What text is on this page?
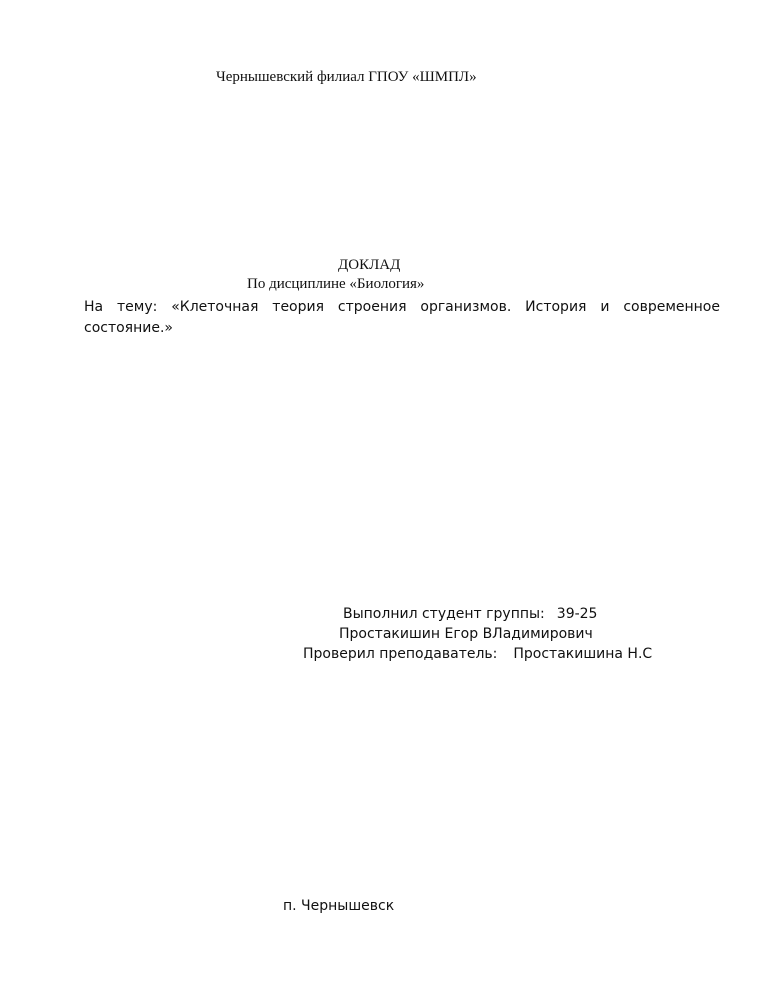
Чернышевский филиал ГПОУ «ШМПЛ»
ДОКЛАД
По дисциплине «Биология»
На тему: «Клеточная теория строения организмов. История и современное состояние.»
Выполнил студент группы: 39-25
Простакишин Егор ВЛадимирович
Проверил преподаватель: Простакишина Н.С
п. Чернышевск
